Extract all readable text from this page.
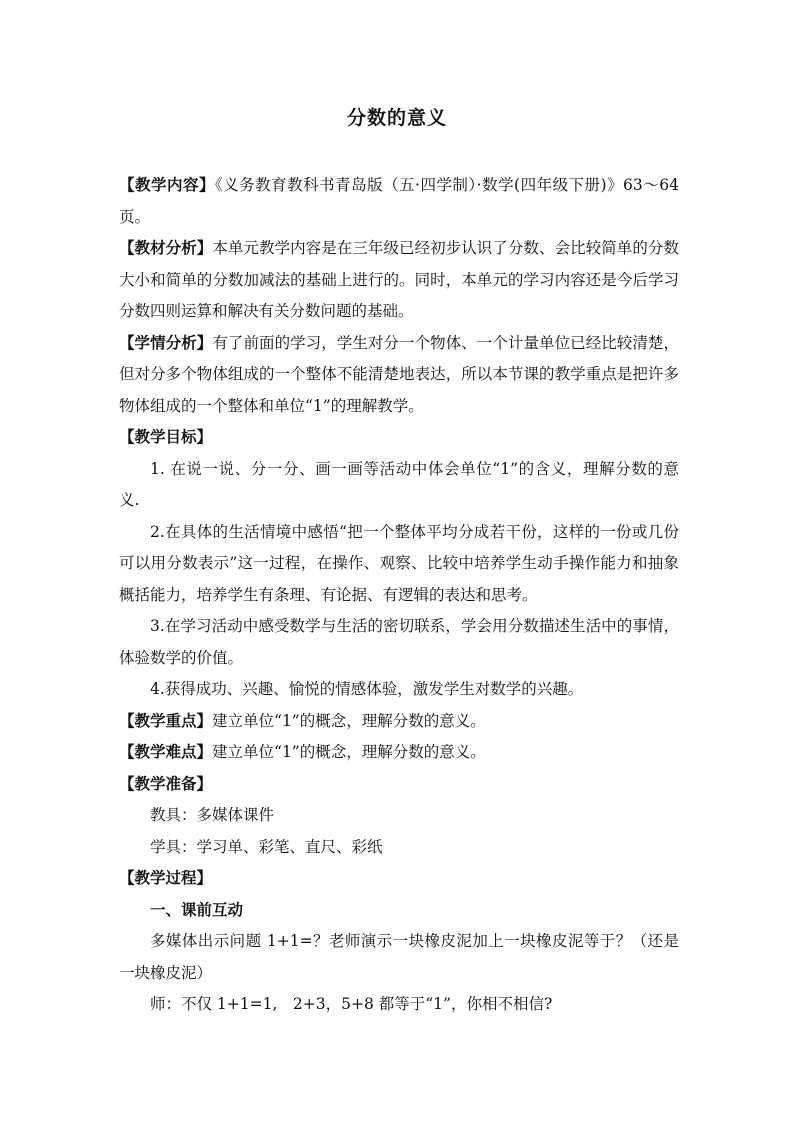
分数的意义

【教学内容】《义务教育教科书青岛版（五·四学制）·数学(四年级下册)》63～64页。

【教材分析】本单元教学内容是在三年级已经初步认识了分数、会比较简单的分数大小和简单的分数加减法的基础上进行的。同时，本单元的学习内容还是今后学习分数四则运算和解决有关分数问题的基础。

【学情分析】有了前面的学习，学生对分一个物体、一个计量单位已经比较清楚，但对分多个物体组成的一个整体不能清楚地表达，所以本节课的教学重点是把许多物体组成的一个整体和单位“1”的理解教学。

【教学目标】

1. 在说一说、分一分、画一画等活动中体会单位“1”的含义，理解分数的意义.

2.在具体的生活情境中感悟“把一个整体平均分成若干份，这样的一份或几份可以用分数表示”这一过程，在操作、观察、比较中培养学生动手操作能力和抽象概括能力，培养学生有条理、有论据、有逻辑的表达和思考。

3.在学习活动中感受数学与生活的密切联系，学会用分数描述生活中的事情，体验数学的价值。

4.获得成功、兴趣、愉悦的情感体验，激发学生对数学的兴趣。

【教学重点】建立单位“1”的概念，理解分数的意义。

【教学难点】建立单位“1”的概念，理解分数的意义。

【教学准备】

教具：多媒体课件

学具：学习单、彩笔、直尺、彩纸

【教学过程】

一、课前互动

多媒体出示问题 1+1=？老师演示一块橡皮泥加上一块橡皮泥等于？（还是一块橡皮泥）

师：不仅 1+1=1,　2+3，5+8 都等于“1”，你相不相信?
